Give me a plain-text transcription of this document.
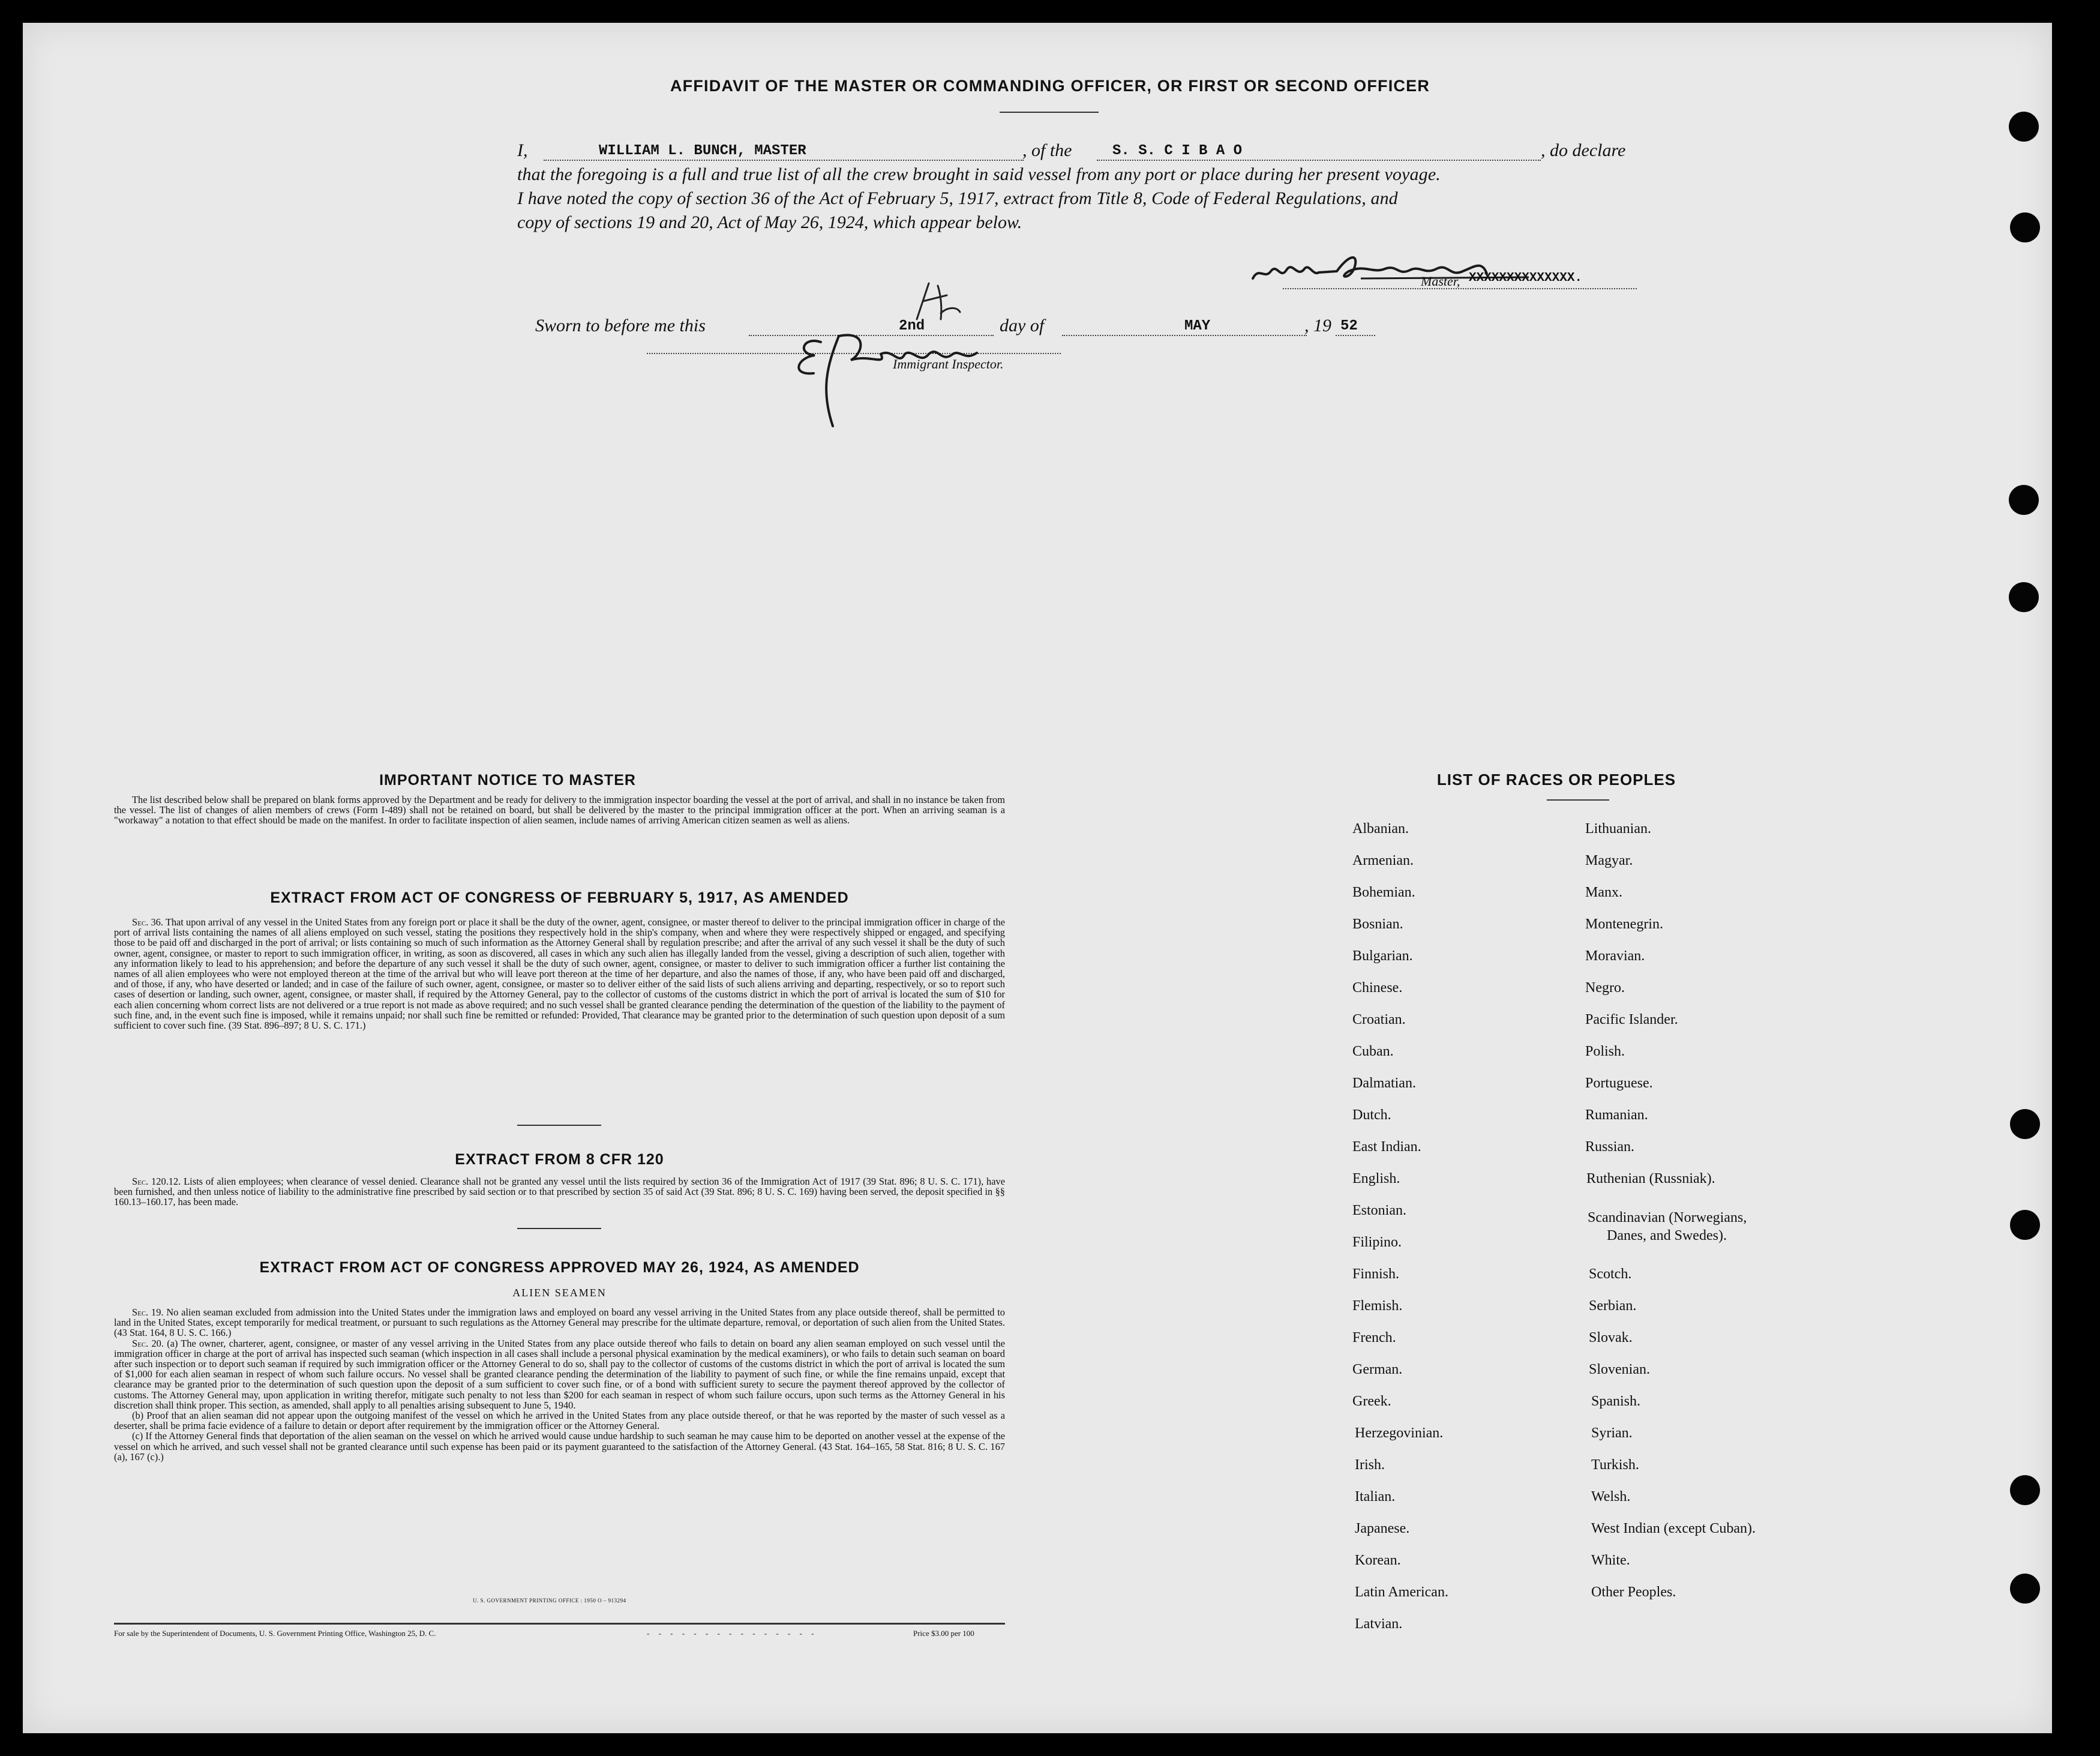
AFFIDAVIT OF THE MASTER OR COMMANDING OFFICER, OR FIRST OR SECOND OFFICER
I,	WILLIAM L. BUNCH, MASTER	, of the	S. S. C I B A O	, do declare
that the foregoing is a full and true list of all the crew brought in said vessel from any port or place during her present voyage.
I have noted the copy of section 36 of the Act of February 5, 1917, extract from Title 8, Code of Federal Regulations, and
copy of sections 19 and 20, Act of May 26, 1924, which appear below.
Master, XXXXXXXXXXXXXX.
Sworn to before me this	2nd	day of	MAY	, 19 52
Immigrant Inspector.
IMPORTANT NOTICE TO MASTER

The list described below shall be prepared on blank forms approved by the Department and be ready for delivery to the immigration inspector boarding the vessel at the port of arrival, and shall in no instance be taken from the vessel. The list of changes of alien members of crews (Form I-489) shall not be retained on board, but shall be delivered by the master to the principal immigration officer at the port. When an arriving seaman is a "workaway" a notation to that effect should be made on the manifest. In order to facilitate inspection of alien seamen, include names of arriving American citizen seamen as well as aliens.

EXTRACT FROM ACT OF CONGRESS OF FEBRUARY 5, 1917, AS AMENDED

Sec. 36. That upon arrival of any vessel in the United States from any foreign port or place it shall be the duty of the owner, agent, consignee, or master thereof to deliver to the principal immigration officer in charge of the port of arrival lists containing the names of all aliens employed on such vessel, stating the positions they respectively hold in the ship's company, when and where they were respectively shipped or engaged, and specifying those to be paid off and discharged in the port of arrival; or lists containing so much of such information as the Attorney General shall by regulation prescribe; and after the arrival of any such vessel it shall be the duty of such owner, agent, consignee, or master to report to such immigration officer, in writing, as soon as discovered, all cases in which any such alien has illegally landed from the vessel, giving a description of such alien, together with any information likely to lead to his apprehension; and before the departure of any such vessel it shall be the duty of such owner, agent, consignee, or master to deliver to such immigration officer a further list containing the names of all alien employees who were not employed thereon at the time of the arrival but who will leave port thereon at the time of her departure, and also the names of those, if any, who have been paid off and discharged, and of those, if any, who have deserted or landed; and in case of the failure of such owner, agent, consignee, or master so to deliver either of the said lists of such aliens arriving and departing, respectively, or so to report such cases of desertion or landing, such owner, agent, consignee, or master shall, if required by the Attorney General, pay to the collector of customs of the customs district in which the port of arrival is located the sum of $10 for each alien concerning whom correct lists are not delivered or a true report is not made as above required; and no such vessel shall be granted clearance pending the determination of the question of the liability to the payment of such fine, and, in the event such fine is imposed, while it remains unpaid; nor shall such fine be remitted or refunded: Provided, That clearance may be granted prior to the determination of such question upon deposit of a sum sufficient to cover such fine. (39 Stat. 896–897; 8 U. S. C. 171.)

EXTRACT FROM 8 CFR 120

Sec. 120.12. Lists of alien employees; when clearance of vessel denied. Clearance shall not be granted any vessel until the lists required by section 36 of the Immigration Act of 1917 (39 Stat. 896; 8 U. S. C. 171), have been furnished, and then unless notice of liability to the administrative fine prescribed by said section or to that prescribed by section 35 of said Act (39 Stat. 896; 8 U. S. C. 169) having been served, the deposit specified in §§ 160.13–160.17, has been made.

EXTRACT FROM ACT OF CONGRESS APPROVED MAY 26, 1924, AS AMENDED
ALIEN SEAMEN

Sec. 19. No alien seaman excluded from admission into the United States under the immigration laws and employed on board any vessel arriving in the United States from any place outside thereof, shall be permitted to land in the United States, except temporarily for medical treatment, or pursuant to such regulations as the Attorney General may prescribe for the ultimate departure, removal, or deportation of such alien from the United States. (43 Stat. 164, 8 U. S. C. 166.)

Sec. 20. (a) The owner, charterer, agent, consignee, or master of any vessel arriving in the United States from any place outside thereof who fails to detain on board any alien seaman employed on such vessel until the immigration officer in charge at the port of arrival has inspected such seaman (which inspection in all cases shall include a personal physical examination by the medical examiners), or who fails to detain such seaman on board after such inspection or to deport such seaman if required by such immigration officer or the Attorney General to do so, shall pay to the collector of customs of the customs district in which the port of arrival is located the sum of $1,000 for each alien seaman in respect of whom such failure occurs. No vessel shall be granted clearance pending the determination of the liability to payment of such fine, or while the fine remains unpaid, except that clearance may be granted prior to the determination of such question upon the deposit of a sum sufficient to cover such fine, or of a bond with sufficient surety to secure the payment thereof approved by the collector of customs. The Attorney General may, upon application in writing therefor, mitigate such penalty to not less than $200 for each seaman in respect of whom such failure occurs, upon such terms as the Attorney General in his discretion shall think proper. This section, as amended, shall apply to all penalties arising subsequent to June 5, 1940.

(b) Proof that an alien seaman did not appear upon the outgoing manifest of the vessel on which he arrived in the United States from any place outside thereof, or that he was reported by the master of such vessel as a deserter, shall be prima facie evidence of a failure to detain or deport after requirement by the immigration officer or the Attorney General.

(c) If the Attorney General finds that deportation of the alien seaman on the vessel on which he arrived would cause undue hardship to such seaman he may cause him to be deported on another vessel at the expense of the vessel on which he arrived, and such vessel shall not be granted clearance until such expense has been paid or its payment guaranteed to the satisfaction of the Attorney General. (43 Stat. 164–165, 58 Stat. 816; 8 U. S. C. 167 (a), 167 (c).)

U. S. GOVERNMENT PRINTING OFFICE : 1950 O – 913294
For sale by the Superintendent of Documents, U. S. Government Printing Office, Washington 25, D. C.	- - - - - - - - - - - - - - -	Price $3.00 per 100
LIST OF RACES OR PEOPLES
Albanian.
Armenian.
Bohemian.
Bosnian.
Bulgarian.
Chinese.
Croatian.
Cuban.
Dalmatian.
Dutch.
East Indian.
English.
Estonian.
Filipino.
Finnish.
Flemish.
French.
German.
Greek.
Herzegovinian.
Irish.
Italian.
Japanese.
Korean.
Latin American.
Latvian.
Lithuanian.
Magyar.
Manx.
Montenegrin.
Moravian.
Negro.
Pacific Islander.
Polish.
Portuguese.
Rumanian.
Russian.
Ruthenian (Russniak).
Scandinavian (Norwegians,
Danes, and Swedes).
Scotch.
Serbian.
Slovak.
Slovenian.
Spanish.
Syrian.
Turkish.
Welsh.
West Indian (except Cuban).
White.
Other Peoples.
